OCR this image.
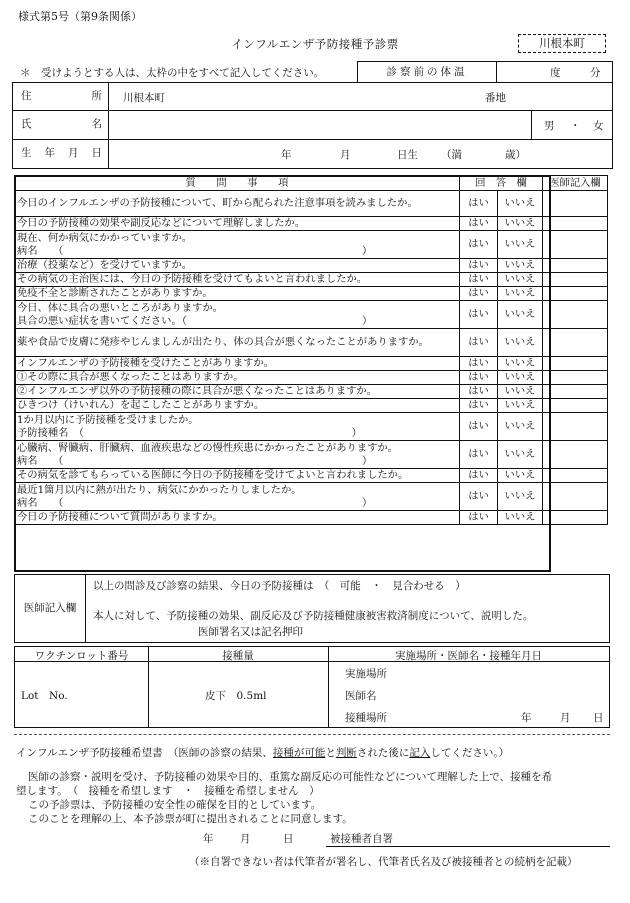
様式第5号（第9条関係）
インフルエンザ予防接種予診票	川根本町
＊　受けようとする人は、太枠の中をすべて記入してください。	診察前の体温	度	分
住	所 川根本町	番地
氏	名	男 ・ 女
生 年 月 日	年	月	日生 （満	歳）
質　　問　　事　　項	回　答　欄		医師記入欄

今日のインフルエンザの予防接種について、町から配られた注意事項を読みましたか。	はい	いいえ	

今日の予防接種の効果や副反応などについて理解しましたか。	はい	いいえ	

現在、何か病気にかかっていますか。
病名　　（　　　　　　　　　　　　　　　　　　　　　　　　　　　　　）	はい	いいえ	

治療（投薬など）を受けていますか。	はい	いいえ	

その病気の主治医には、今日の予防接種を受けてもよいと言われましたか。	はい	いいえ	

免疫不全と診断されたことがありますか。	はい	いいえ	

今日、体に具合の悪いところがありますか。
具合の悪い症状を書いてください。（　　　　　　　　　　　　　　　　　）	はい	いいえ	

薬や食品で皮膚に発疹やじんましんが出たり、体の具合が悪くなったことがありますか。	はい	いいえ	

インフルエンザの予防接種を受けたことがありますか。	はい	いいえ	

①その際に具合が悪くなったことはありますか。	はい	いいえ	

②インフルエンザ以外の予防接種の際に具合が悪くなったことはありますか。	はい	いいえ	

ひきつけ（けいれん）を起こしたことがありますか。	はい	いいえ	

1か月以内に予防接種を受けましたか。
予防接種名　（　　　　　　　　　　　　　　　　　　　　　　　　　　）	はい	いいえ	

心臓病、腎臓病、肝臓病、血液疾患などの慢性疾患にかかったことがありますか。
病名　　（　　　　　　　　　　　　　　　　　　　　　　　　　　　　　）	はい	いいえ	

その病気を診てもらっている医師に今日の予防接種を受けてよいと言われましたか。	はい	いいえ	

最近1箇月以内に熱が出たり、病気にかかったりしましたか。
病名　　（　　　　　　　　　　　　　　　　　　　　　　　　　　　　　）	はい	いいえ	

今日の予防接種について質問がありますか。	はい	いいえ	
医師記入欄
以上の問診及び診察の結果、今日の予防接種は　（　可能　・　見合わせる　）
本人に対して、予防接種の効果、副反応及び予防接種健康被害救済制度について、説明した。
医師署名又は記名押印
ワクチンロット番号	接種量	実施場所・医師名・接種年月日
Lot　No.	皮下　0.5ml
実施場所
医師名
接種場所	年	月 日
インフルエンザ予防接種希望書　（医師の診察の結果、接種が可能と判断された後に記入してください。）
医師の診察・説明を受け、予防接種の効果や目的、重篤な副反応の可能性などについて理解した上で、接種を希
望します。　（　接種を希望します　・　接種を希望しません　）
この予診票は、予防接種の安全性の確保を目的としています。
このことを理解の上、本予診票が町に提出されることに同意します。
年	月	日	被接種者自署
（※自署できない者は代筆者が署名し、代筆者氏名及び被接種者との続柄を記載）
